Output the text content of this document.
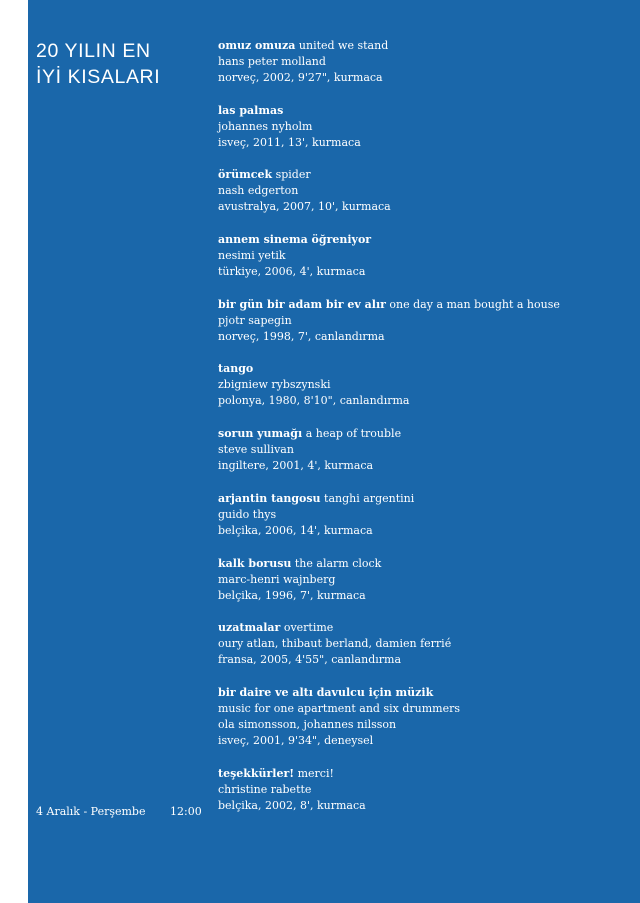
20 YILIN EN
İYİ KISALARI
omuz omuza united we stand
hans peter molland
norveç, 2002, 9'27", kurmaca
las palmas
johannes nyholm
isveç, 2011, 13', kurmaca
örümcek spider
nash edgerton
avustralya, 2007, 10', kurmaca
annem sinema öğreniyor
nesimi yetik
türkiye, 2006, 4', kurmaca
bir gün bir adam bir ev alır one day a man bought a house
pjotr sapegin
norveç, 1998, 7', canlandırma
tango
zbigniew rybszynski
polonya, 1980, 8'10", canlandırma
sorun yumağı a heap of trouble
steve sullivan
ingiltere, 2001, 4', kurmaca
arjantin tangosu tanghi argentini
guido thys
belçika, 2006, 14', kurmaca
kalk borusu the alarm clock
marc-henri wajnberg
belçika, 1996, 7', kurmaca
uzatmalar overtime
oury atlan, thibaut berland, damien ferrié
fransa, 2005, 4'55", canlandırma
bir daire ve altı davulcu için müzik
music for one apartment and six drummers
ola simonsson, johannes nilsson
isveç, 2001, 9'34", deneysel
teşekkürler! merci!
christine rabette
belçika, 2002, 8', kurmaca
4 Aralık - Perşembe 12:00
